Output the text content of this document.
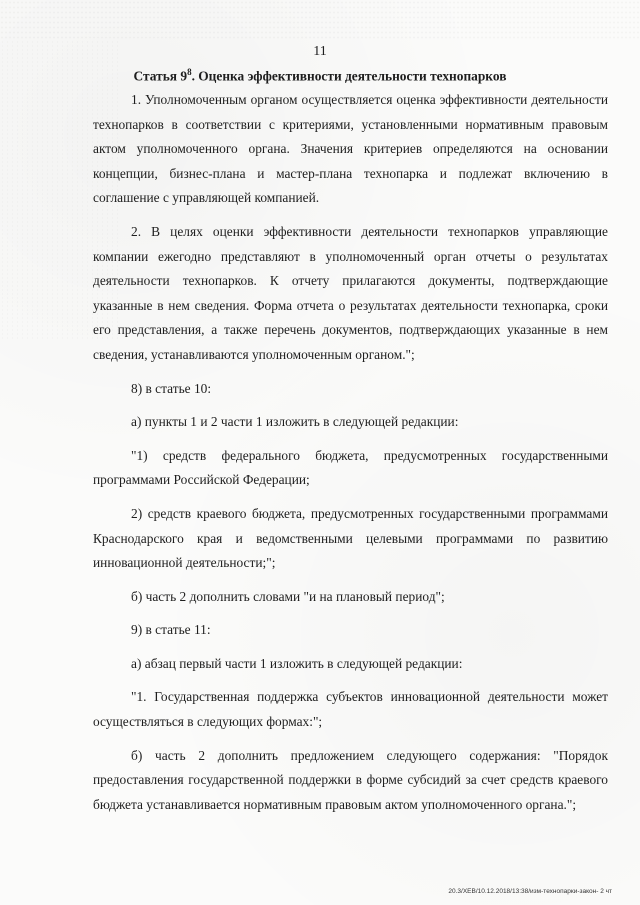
11
Статья $9^8$. Оценка эффективности деятельности технопарков

1. Уполномоченным органом осуществляется оценка эффективности деятельности технопарков в соответствии с критериями, установленными нормативным правовым актом уполномоченного органа. Значения критериев определяются на основании концепции, бизнес-плана и мастер-плана технопарка и подлежат включению в соглашение с управляющей компанией.

2. В целях оценки эффективности деятельности технопарков управляющие компании ежегодно представляют в уполномоченный орган отчеты о результатах деятельности технопарков. К отчету прилагаются документы, подтверждающие указанные в нем сведения. Форма отчета о результатах деятельности технопарка, сроки его представления, а также перечень документов, подтверждающих указанные в нем сведения, устанавливаются уполномоченным органом.";

8) в статье 10:

а) пункты 1 и 2 части 1 изложить в следующей редакции:

"1) средств федерального бюджета, предусмотренных государственными программами Российской Федерации;

2) средств краевого бюджета, предусмотренных государственными программами Краснодарского края и ведомственными целевыми программами по развитию инновационной деятельности;";

б) часть 2 дополнить словами "и на плановый период";

9) в статье 11:

а) абзац первый части 1 изложить в следующей редакции:

"1. Государственная поддержка субъектов инновационной деятельности может осуществляться в следующих формах:";

б) часть 2 дополнить предложением следующего содержания: "Порядок предоставления государственной поддержки в форме субсидий за счет средств краевого бюджета устанавливается нормативным правовым актом уполномоченного органа.";

20.3/ХЕВ/10.12.2018/13:38/изм-технопарки-закон- 2 чт
